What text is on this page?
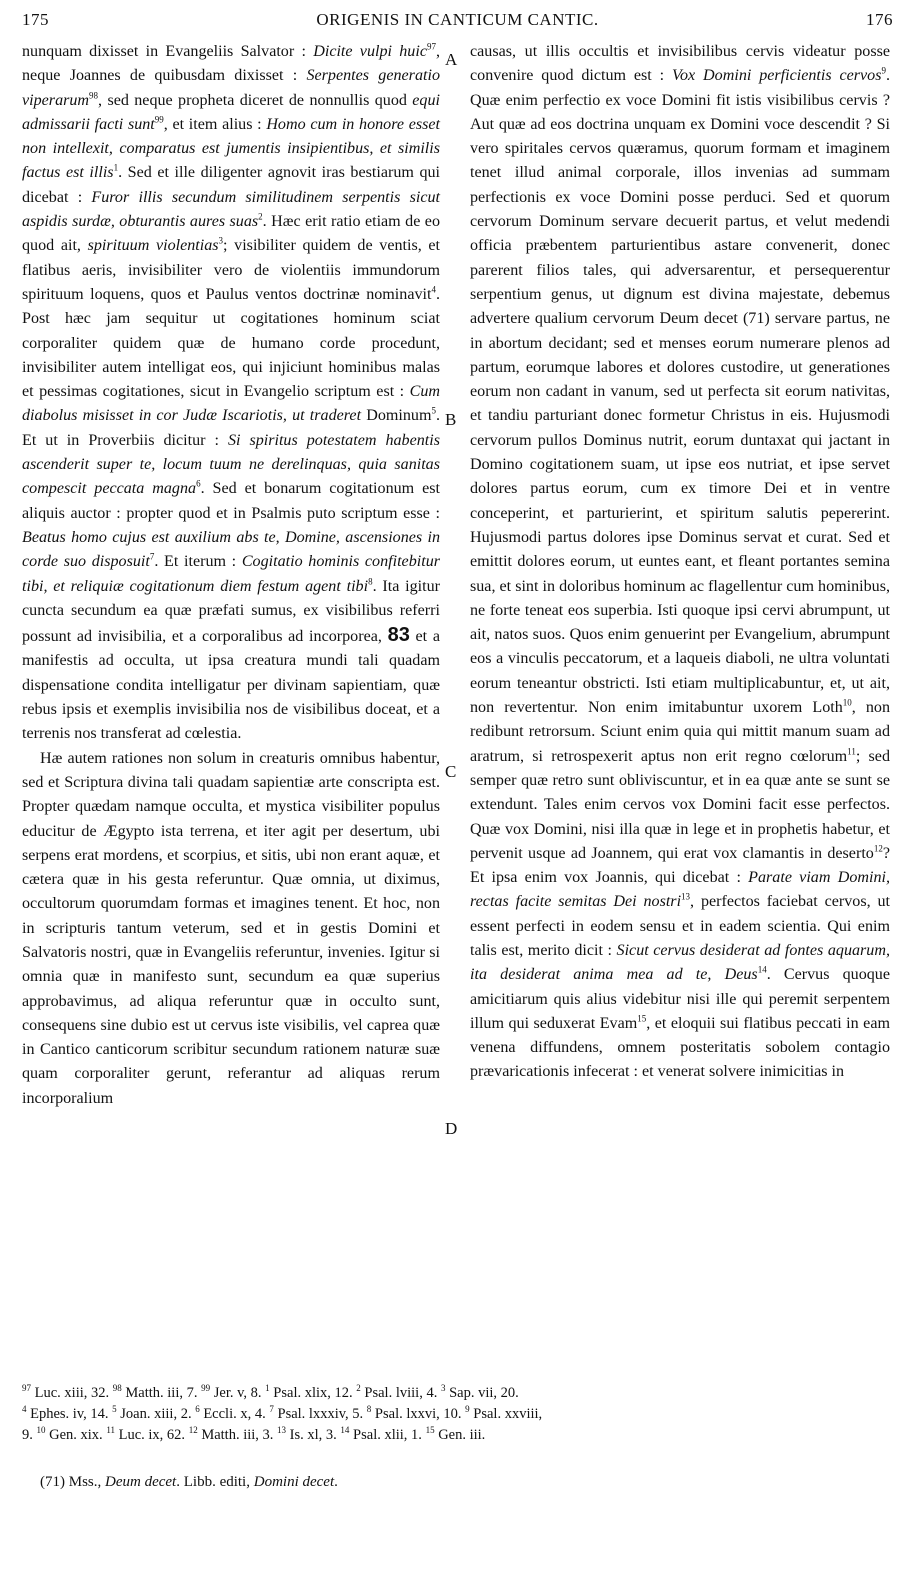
175	ORIGENIS IN CANTICUM CANTIC.	176

nunquam dixisset in Evangeliis Salvator : Dicite vulpi huic$^{97}$, neque Joannes de quibusdam dixisset : Serpentes generatio viperarum$^{98}$, sed neque propheta diceret de nonnullis quod equi admissarii facti sunt$^{99}$, et item alius : Homo cum in honore esset non intellexit, comparatus est jumentis insipientibus, et similis factus est illis$^1$. Sed et ille diligenter agnovit iras bestiarum qui dicebat : Furor illis secundum similitudinem serpentis sicut aspidis surdæ, obturantis aures suas$^2$. Hæc erit ratio etiam de eo quod ait, spirituum violentias$^3$; visibiliter quidem de ventis, et flatibus aeris, invisibiliter vero de violentiis immundorum spirituum loquens, quos et Paulus ventos doctrinæ nominavit$^4$. Post hæc jam sequitur ut cogitationes hominum sciat corporaliter quidem quæ de humano corde procedunt, invisibiliter autem intelligat eos, qui injiciunt hominibus malas et pessimas cogitationes, sicut in Evangelio scriptum est : Cum diabolus misisset in cor Judæ Iscariotis, ut traderet Dominum$^5$. Et ut in Proverbiis dicitur : Si spiritus potestatem habentis ascenderit super te, locum tuum ne derelinquas, quia sanitas compescit peccata magna$^6$. Sed et bonarum cogitationum est aliquis auctor : propter quod et in Psalmis puto scriptum esse : Beatus homo cujus est auxilium abs te, Domine, ascensiones in corde suo disposuit$^7$. Et iterum : Cogitatio hominis confitebitur tibi, et reliquiæ cogitationum diem festum agent tibi$^8$. Ita igitur cuncta secundum ea quæ præfati sumus, ex visibilibus referri possunt ad invisibilia, et a corporalibus ad incorporea, 83 et a manifestis ad occulta, ut ipsa creatura mundi tali quadam dispensatione condita intelligatur per divinam sapientiam, quæ rebus ipsis et exemplis invisibilia nos de visibilibus doceat, et a terrenis nos transferat ad cœlestia.

Hæ autem rationes non solum in creaturis omnibus habentur, sed et Scriptura divina tali quadam sapientiæ arte conscripta est. Propter quædam namque occulta, et mystica visibiliter populus educitur de Ægypto ista terrena, et iter agit per desertum, ubi serpens erat mordens, et scorpius, et sitis, ubi non erant aquæ, et cætera quæ in his gesta referuntur. Quæ omnia, ut diximus, occultorum quorumdam formas et imagines tenent. Et hoc, non in scripturis tantum veterum, sed et in gestis Domini et Salvatoris nostri, quæ in Evangeliis referuntur, invenies. Igitur si omnia quæ in manifesto sunt, secundum ea quæ superius approbavimus, ad aliqua referuntur quæ in occulto sunt, consequens sine dubio est ut cervus iste visibilis, vel caprea quæ in Cantico canticorum scribitur secundum rationem naturæ suæ quam corporaliter gerunt, referantur ad aliquas rerum incorporalium

causas, ut illis occultis et invisibilibus cervis videatur posse convenire quod dictum est : Vox Domini perficientis cervos$^9$. Quæ enim perfectio ex voce Domini fit istis visibilibus cervis ? Aut quæ ad eos doctrina unquam ex Domini voce descendit ? Si vero spiritales cervos quæramus, quorum formam et imaginem tenet illud animal corporale, illos invenias ad summam perfectionis ex voce Domini posse perduci. Sed et quorum cervorum Dominum servare decuerit partus, et velut medendi officia præbentem parturientibus astare convenerit, donec parerent filios tales, qui adversarentur, et persequerentur serpentium genus, ut dignum est divina majestate, debemus advertere qualium cervorum Deum decet (71) servare partus, ne in abortum decidant; sed et menses eorum numerare plenos ad partum, eorumque labores et dolores custodire, ut generationes eorum non cadant in vanum, sed ut perfecta sit eorum nativitas, et tandiu parturiant donec formetur Christus in eis. Hujusmodi cervorum pullos Dominus nutrit, eorum duntaxat qui jactant in Domino cogitationem suam, ut ipse eos nutriat, et ipse servet dolores partus eorum, cum ex timore Dei et in ventre conceperint, et parturierint, et spiritum salutis pepererint. Hujusmodi partus dolores ipse Dominus servat et curat. Sed et emittit dolores eorum, ut euntes eant, et fleant portantes semina sua, et sint in doloribus hominum ac flagellentur cum hominibus, ne forte teneat eos superbia. Isti quoque ipsi cervi abrumpunt, ut ait, natos suos. Quos enim genuerint per Evangelium, abrumpunt eos a vinculis peccatorum, et a laqueis diaboli, ne ultra voluntati eorum teneantur obstricti. Isti etiam multiplicabuntur, et, ut ait, non revertentur. Non enim imitabuntur uxorem Loth$^{10}$, non redibunt retrorsum. Sciunt enim quia qui mittit manum suam ad aratrum, si retrospexerit aptus non erit regno cœlorum$^{11}$; sed semper quæ retro sunt obliviscuntur, et in ea quæ ante se sunt se extendunt. Tales enim cervos vox Domini facit esse perfectos. Quæ vox Domini, nisi illa quæ in lege et in prophetis habetur, et pervenit usque ad Joannem, qui erat vox clamantis in deserto$^{12}$? Et ipsa enim vox Joannis, qui dicebat : Parate viam Domini, rectas facite semitas Dei nostri$^{13}$, perfectos faciebat cervos, ut essent perfecti in eodem sensu et in eadem scientia. Qui enim talis est, merito dicit : Sicut cervus desiderat ad fontes aquarum, ita desiderat anima mea ad te, Deus$^{14}$. Cervus quoque amicitiarum quis alius videbitur nisi ille qui peremit serpentem illum qui seduxerat Evam$^{15}$, et eloquii sui flatibus peccati in eam venena diffundens, omnem posteritatis sobolem contagio prævaricationis infecerat : et venerat solvere inimicitias in

A
B
C
D
$^{97}$ Luc. xiii, 32. $^{98}$ Matth. iii, 7. $^{99}$ Jer. v, 8. $^1$ Psal. xlix, 12. $^2$ Psal. lviii, 4. $^3$ Sap. vii, 20.
$^4$ Ephes. iv, 14. $^5$ Joan. xiii, 2. $^6$ Eccli. x, 4. $^7$ Psal. lxxxiv, 5. $^8$ Psal. lxxvi, 10. $^9$ Psal. xxviii,
9. $^{10}$ Gen. xix. $^{11}$ Luc. ix, 62. $^{12}$ Matth. iii, 3. $^{13}$ Is. xl, 3. $^{14}$ Psal. xlii, 1. $^{15}$ Gen. iii.
(71) Mss., Deum decet. Libb. editi, Domini decet.
